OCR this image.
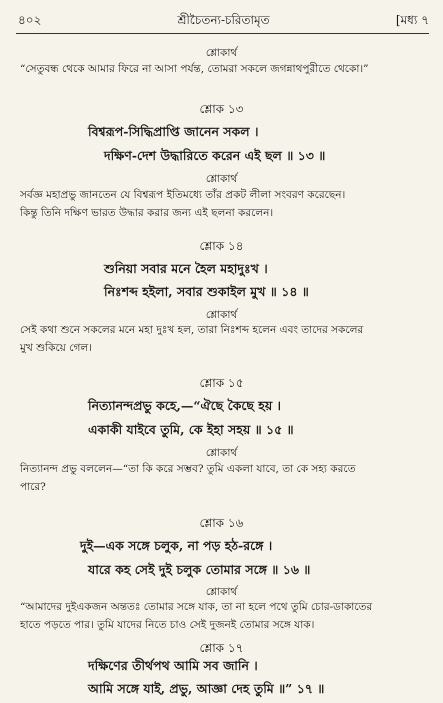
৪০২	শ্রীচৈতন্য-চরিতামৃত	[মধ্য ৭
শ্লোকার্থ
“সেতুবন্ধ থেকে আমার ফিরে না আসা পর্যন্ত, তোমরা সকলে জগন্নাথপুরীতে থেকো।”
শ্লোক ১৩
বিশ্বরূপ-সিদ্ধিপ্রাপ্তি জানেন সকল ।
দক্ষিণ-দেশ উদ্ধারিতে করেন এই ছল ॥ ১৩ ॥
শ্লোকার্থ
সর্বজ্ঞ মহাপ্রভু জানতেন যে বিশ্বরূপ ইতিমধ্যে তাঁর প্রকট লীলা সংবরণ করেছেন।
কিন্তু তিনি দক্ষিণ ভারত উদ্ধার করার জন্য এই ছলনা করলেন।
শ্লোক ১৪
শুনিয়া সবার মনে হৈল মহাদুঃখ ।
নিঃশব্দ হইলা, সবার শুকাইল মুখ ॥ ১৪ ॥
শ্লোকার্থ
সেই কথা শুনে সকলের মনে মহা দুঃখ হল, তারা নিঃশব্দ হলেন এবং তাদের সকলের
মুখ শুকিয়ে গেল।
শ্লোক ১৫
নিত্যানন্দপ্রভু কহে,—“ঐছে কৈছে হয় ।
একাকী যাইবে তুমি, কে ইহা সহয় ॥ ১৫ ॥
শ্লোকার্থ
নিত্যানন্দ প্রভু বললেন—“তা কি করে সম্ভব? তুমি একলা যাবে, তা কে সহ্য করতে
পারে?
শ্লোক ১৬
দুই—এক সঙ্গে চলুক, না পড় হঠ-রঙ্গে ।
যারে কহ সেই দুই চলুক তোমার সঙ্গে ॥ ১৬ ॥
শ্লোকার্থ
“আমাদের দুইএকজন অন্ততঃ তোমার সঙ্গে যাক, তা না হলে পথে তুমি চোর-ডাকাতের
হাতে পড়তে পার। তুমি যাদের নিতে চাও সেই দুজনই তোমার সঙ্গে যাক।
শ্লোক ১৭
দক্ষিণের তীর্থপথ আমি সব জানি ।
আমি সঙ্গে যাই, প্রভু, আজ্ঞা দেহ তুমি ॥” ১৭ ॥
